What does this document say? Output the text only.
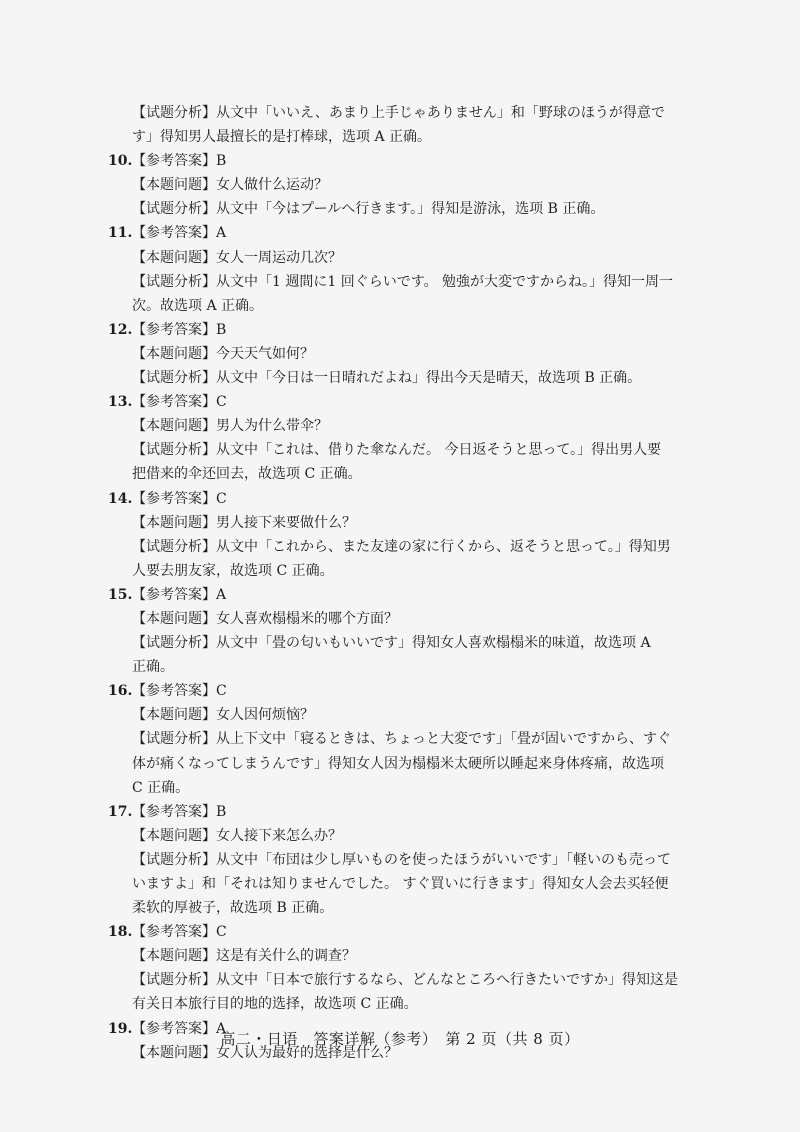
【试题分析】从文中「いいえ、あまり上手じゃありません」和「野球のほうが得意で
す」得知男人最擅长的是打棒球，选项 A 正确。
10. 【参考答案】B
【本题问题】女人做什么运动？
【试题分析】从文中「今はプールへ行きます。」得知是游泳，选项 B 正确。
11. 【参考答案】A
【本题问题】女人一周运动几次？
【试题分析】从文中「1 週間に1 回ぐらいです。 勉強が大変ですからね。」得知一周一
次。故选项 A 正确。
12. 【参考答案】B
【本题问题】今天天气如何？
【试题分析】从文中「今日は一日晴れだよね」得出今天是晴天，故选项 B 正确。
13. 【参考答案】C
【本题问题】男人为什么带伞？
【试题分析】从文中「これは、借りた傘なんだ。 今日返そうと思って。」得出男人要
把借来的伞还回去，故选项 C 正确。
14. 【参考答案】C
【本题问题】男人接下来要做什么？
【试题分析】从文中「これから、また友達の家に行くから、返そうと思って。」得知男
人要去朋友家，故选项 C 正确。
15. 【参考答案】A
【本题问题】女人喜欢榻榻米的哪个方面？
【试题分析】从文中「畳の匂いもいいです」得知女人喜欢榻榻米的味道，故选项 A
正确。
16. 【参考答案】C
【本题问题】女人因何烦恼？
【试题分析】从上下文中「寝るときは、ちょっと大変です」「畳が固いですから、すぐ
体が痛くなってしまうんです」得知女人因为榻榻米太硬所以睡起来身体疼痛，故选项
C 正确。
17. 【参考答案】B
【本题问题】女人接下来怎么办？
【试题分析】从文中「布団は少し厚いものを使ったほうがいいです」「軽いのも売って
いますよ」和「それは知りませんでした。 すぐ買いに行きます」得知女人会去买轻便
柔软的厚被子，故选项 B 正确。
18. 【参考答案】C
【本题问题】这是有关什么的调查？
【试题分析】从文中「日本で旅行するなら、どんなところへ行きたいですか」得知这是
有关日本旅行目的地的选择，故选项 C 正确。
19. 【参考答案】A
【本题问题】女人认为最好的选择是什么？
高二・日语　答案详解（参考）　第 2 页（共 8 页）
